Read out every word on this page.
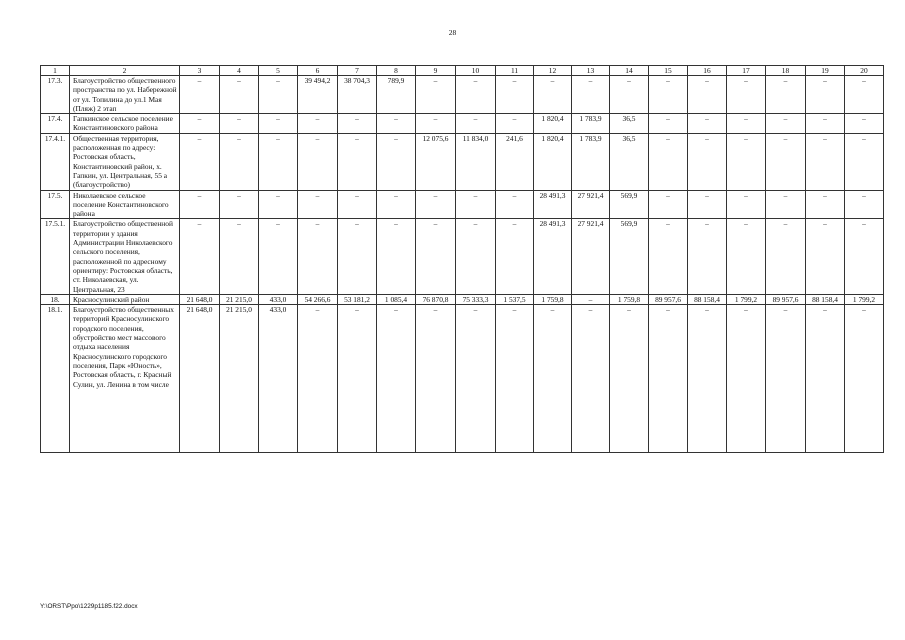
28
1	2	3	4	5	6	7	8	9	10	11	12	13	14	15	16	17	18	19	20
17.3.	Благоустройство общественного пространства по ул. Набережной от ул. Топилина до ул.1 Мая (Пляж) 2 этап	–	–	–	39 494,2	38 704,3	789,9	–	–	–	–	–	–	–	–	–	–	–	–
17.4.	Гапкинское сельское поселение Константиновского района	–	–	–	–	–	–	–	–	–	1 820,4	1 783,9	36,5	–	–	–	–	–	–
17.4.1.	Общественная территория, расположенная по адресу: Ростовская область, Константиновский район, х. Гапкин, ул. Центральная, 55 а (благоустройство)	–	–	–	–	–	–	12 075,6	11 834,0	241,6	1 820,4	1 783,9	36,5	–	–	–	–	–	–
17.5.	Николаевское сельское поселение Константиновского района	–	–	–	–	–	–	–	–	–	28 491,3	27 921,4	569,9	–	–	–	–	–	–
17.5.1.	Благоустройство общественной территории у здания Администрации Николаевского сельского поселения, расположенной по адресному ориентиру: Ростовская область, ст. Николаевская, ул. Центральная, 23	–	–	–	–	–	–	–	–	–	28 491,3	27 921,4	569,9	–	–	–	–	–	–
18.	Красносулинский район	21 648,0	21 215,0	433,0	54 266,6	53 181,2	1 085,4	76 870,8	75 333,3	1 537,5	1 759,8	–	1 759,8	89 957,6	88 158,4	1 799,2	89 957,6	88 158,4	1 799,2
18.1.	Благоустройство общественных территорий Красносулинского городского поселения, обустройство мест массового отдыха населения Красносулинского городского поселения, Парк «Юность», Ростовская область, г. Красный Сулин, ул. Ленина в том числе	21 648,0	21 215,0	433,0	–	–	–	–	–	–	–	–	–	–	–	–	–	–	–
Y:\ORST\Ppo\1229p1185.f22.docx
